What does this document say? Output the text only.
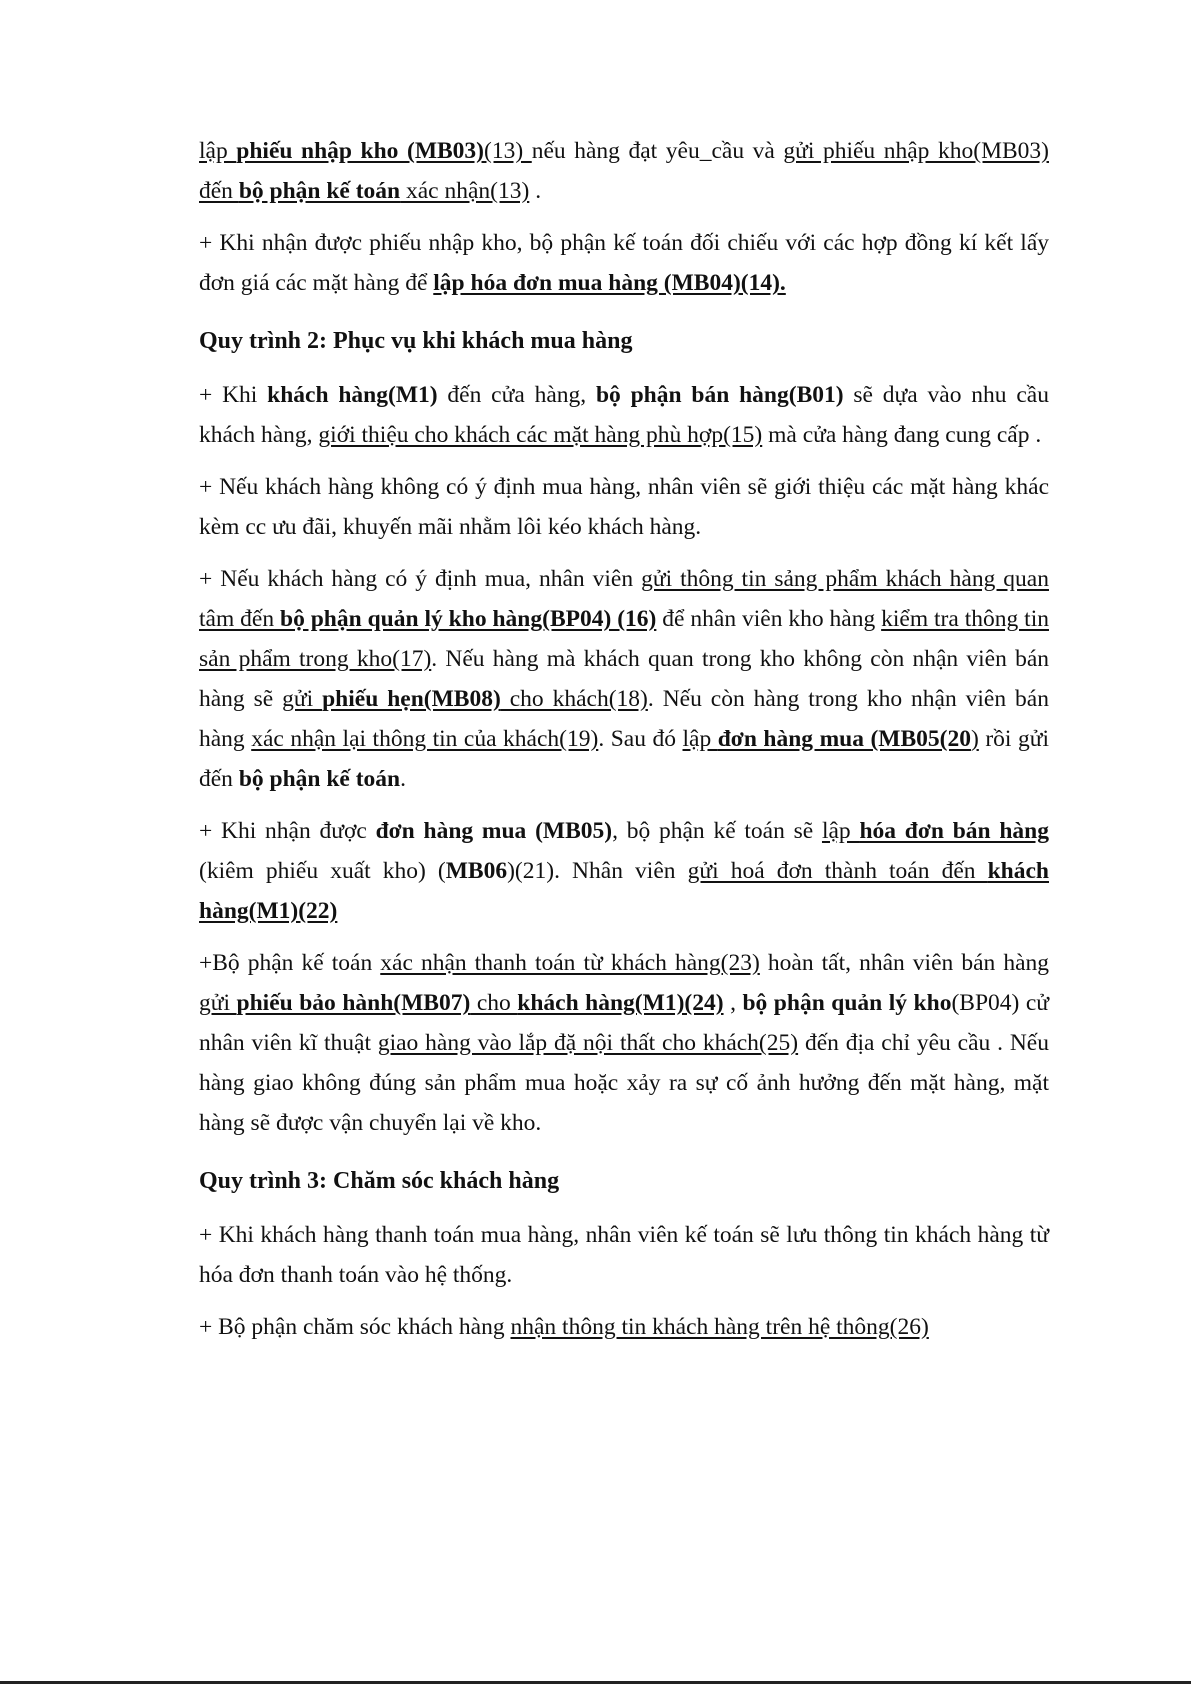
lập phiếu nhập kho (MB03)(13) nếu hàng đạt yêu_cầu và gửi phiếu nhập kho(MB03) đến bộ phận kế toán xác nhận(13) .

+ Khi nhận được phiếu nhập kho, bộ phận kế toán đối chiếu với các hợp đồng kí kết lấy đơn giá các mặt hàng để lập hóa đơn mua hàng (MB04)(14).

Quy trình 2: Phục vụ khi khách mua hàng

+ Khi khách hàng(M1) đến cửa hàng, bộ phận bán hàng(B01) sẽ dựa vào nhu cầu khách hàng, giới thiệu cho khách các mặt hàng phù hợp(15) mà cửa hàng đang cung cấp .

+ Nếu khách hàng không có ý định mua hàng, nhân viên sẽ giới thiệu các mặt hàng khác kèm cc ưu đãi, khuyến mãi nhằm lôi kéo khách hàng.

+ Nếu khách hàng có ý định mua, nhân viên gửi thông tin sảng phẩm khách hàng quan tâm đến bộ phận quản lý kho hàng(BP04) (16) để nhân viên kho hàng kiểm tra thông tin sản phẩm trong kho(17). Nếu hàng mà khách quan trong kho không còn nhận viên bán hàng sẽ gửi phiếu hẹn(MB08) cho khách(18). Nếu còn hàng trong kho nhận viên bán hàng xác nhận lại thông tin của khách(19). Sau đó lập đơn hàng mua (MB05(20) rồi gửi đến bộ phận kế toán.

+ Khi nhận được đơn hàng mua (MB05), bộ phận kế toán sẽ lập hóa đơn bán hàng (kiêm phiếu xuất kho) (MB06)(21). Nhân viên gửi hoá đơn thành toán đến khách hàng(M1)(22)

+Bộ phận kế toán xác nhận thanh toán từ khách hàng(23) hoàn tất, nhân viên bán hàng gửi phiếu bảo hành(MB07) cho khách hàng(M1)(24) , bộ phận quản lý kho(BP04) cử nhân viên kĩ thuật giao hàng vào lắp đặ nội thất cho khách(25) đến địa chỉ yêu cầu . Nếu hàng giao không đúng sản phẩm mua hoặc xảy ra sự cố ảnh hưởng đến mặt hàng, mặt hàng sẽ được vận chuyển lại về kho.

Quy trình 3: Chăm sóc khách hàng

+ Khi khách hàng thanh toán mua hàng, nhân viên kế toán sẽ lưu thông tin khách hàng từ hóa đơn thanh toán vào hệ thống.

+ Bộ phận chăm sóc khách hàng nhận thông tin khách hàng trên hệ thông(26)
